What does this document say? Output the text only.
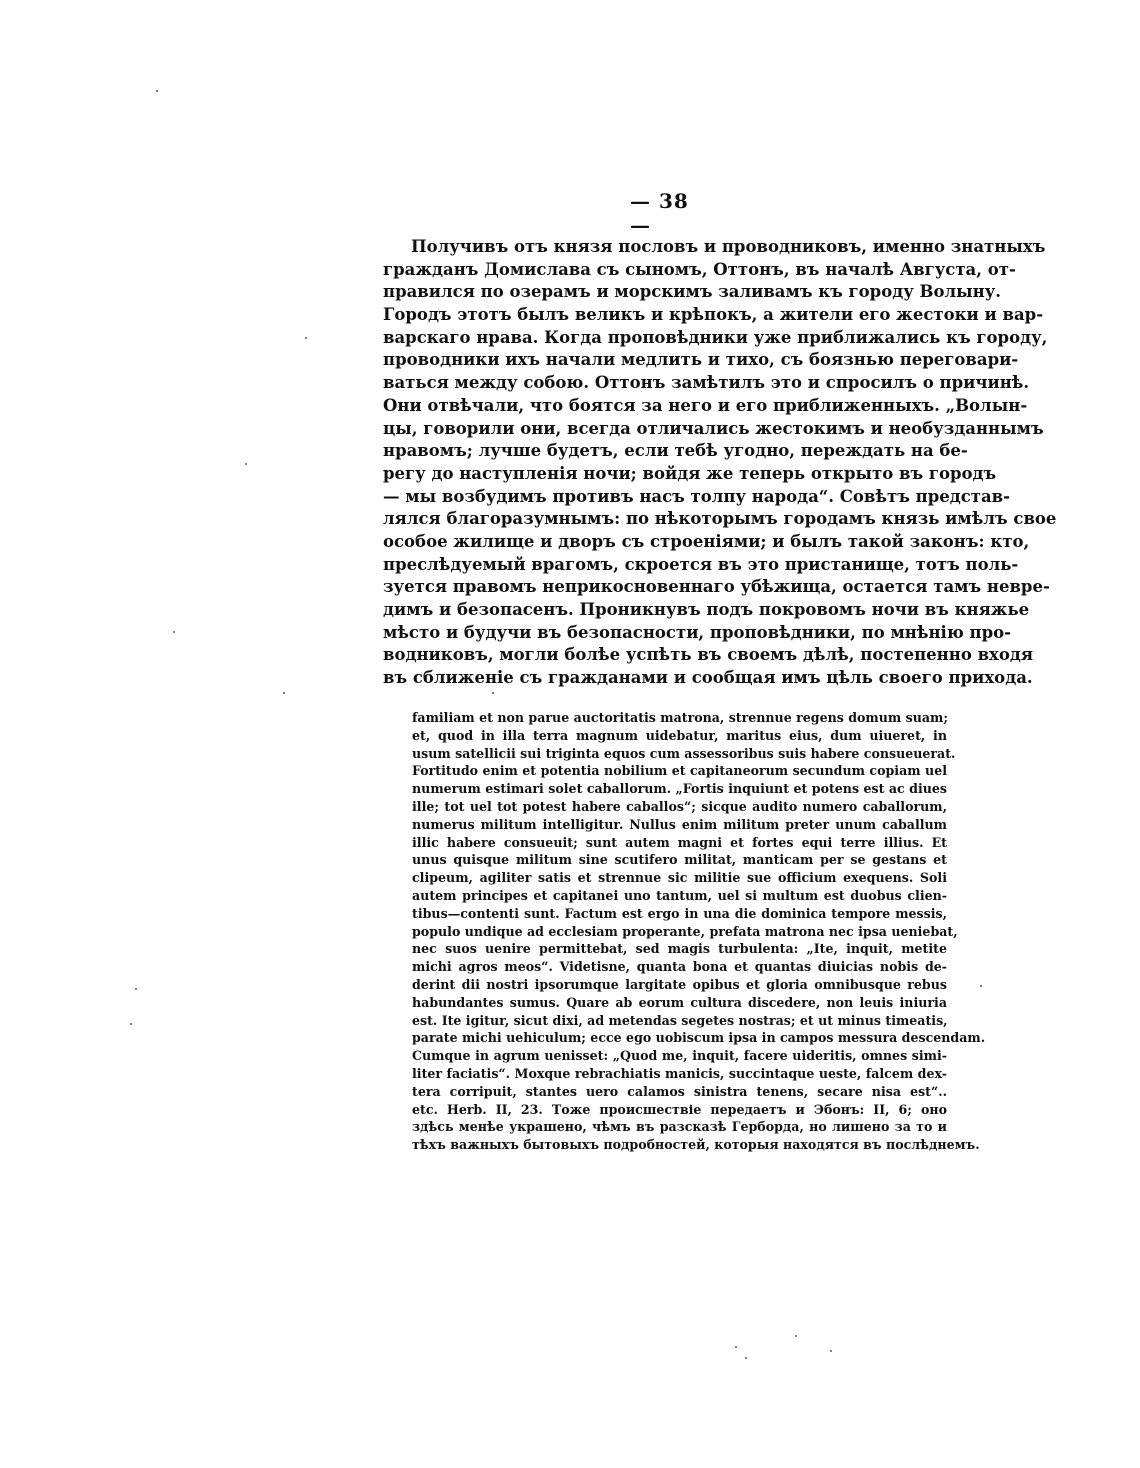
— 38 —
Получивъ отъ князя пословъ и проводниковъ, именно знатныхъ
гражданъ Домислава съ сыномъ, Оттонъ, въ началѣ Августа, от-
правился по озерамъ и морскимъ заливамъ къ городу Волыну.
Городъ этотъ былъ великъ и крѣпокъ, а жители его жестоки и вар-
варскаго нрава. Когда проповѣдники уже приближались къ городу,
проводники ихъ начали медлить и тихо, съ боязнью переговари-
ваться между собою. Оттонъ замѣтилъ это и спросилъ о причинѣ.
Они отвѣчали, что боятся за него и его приближенныхъ. „Волын-
цы, говорили они, всегда отличались жестокимъ и необузданнымъ
нравомъ; лучше будетъ, если тебѣ угодно, переждать на бе-
регу до наступленія ночи; войдя же теперь открыто въ городъ
— мы возбудимъ противъ насъ толпу народа“. Совѣтъ представ-
лялся благоразумнымъ: по нѣкоторымъ городамъ князь имѣлъ свое
особое жилище и дворъ съ строеніями; и былъ такой законъ: кто,
преслѣдуемый врагомъ, скроется въ это пристанище, тотъ поль-
зуется правомъ неприкосновеннаго убѣжища, остается тамъ невре-
димъ и безопасенъ. Проникнувъ подъ покровомъ ночи въ княжье
мѣсто и будучи въ безопасности, проповѣдники, по мнѣнію про-
водниковъ, могли болѣе успѣть въ своемъ дѣлѣ, постепенно входя
въ сближеніе съ гражданами и сообщая имъ цѣль своего прихода.
familiam et non parue auctoritatis matrona, strennue regens domum suam;
et, quod in illa terra magnum uidebatur, maritus eius, dum uiueret, in
usum satellicii sui triginta equos cum assessoribus suis habere consueuerat.
Fortitudo enim et potentia nobilium et capitaneorum secundum copiam uel
numerum estimari solet caballorum. „Fortis inquiunt et potens est ac diues
ille; tot uel tot potest habere caballos“; sicque audito numero caballorum,
numerus militum intelligitur. Nullus enim militum preter unum caballum
illic habere consueuit; sunt autem magni et fortes equi terre illius. Et
unus quisque militum sine scutifero militat, manticam per se gestans et
clipeum, agiliter satis et strennue sic militie sue officium exequens. Soli
autem principes et capitanei uno tantum, uel si multum est duobus clien-
tibus—contenti sunt. Factum est ergo in una die dominica tempore messis,
populo undique ad ecclesiam properante, prefata matrona nec ipsa ueniebat,
nec suos uenire permittebat, sed magis turbulenta: „Ite, inquit, metite
michi agros meos“. Videtisne, quanta bona et quantas diuicias nobis de-
derint dii nostri ipsorumque largitate opibus et gloria omnibusque rebus
habundantes sumus. Quare ab eorum cultura discedere, non leuis iniuria
est. Ite igitur, sicut dixi, ad metendas segetes nostras; et ut minus timeatis,
parate michi uehiculum; ecce ego uobiscum ipsa in campos messura descendam.
Cumque in agrum uenisset: „Quod me, inquit, facere uideritis, omnes simi-
liter faciatis“. Moxque rebrachiatis manicis, succintaque ueste, falcem dex-
tera corripuit, stantes uero calamos sinistra tenens, secare nisa est“..
etc. Herb. II, 23. Тоже происшествіе передаетъ и Эбонъ: II, 6; оно
здѣсь менѣе украшено, чѣмъ въ разсказѣ Герборда, но лишено за то и
тѣхъ важныхъ бытовыхъ подробностей, которыя находятся въ послѣднемъ.
